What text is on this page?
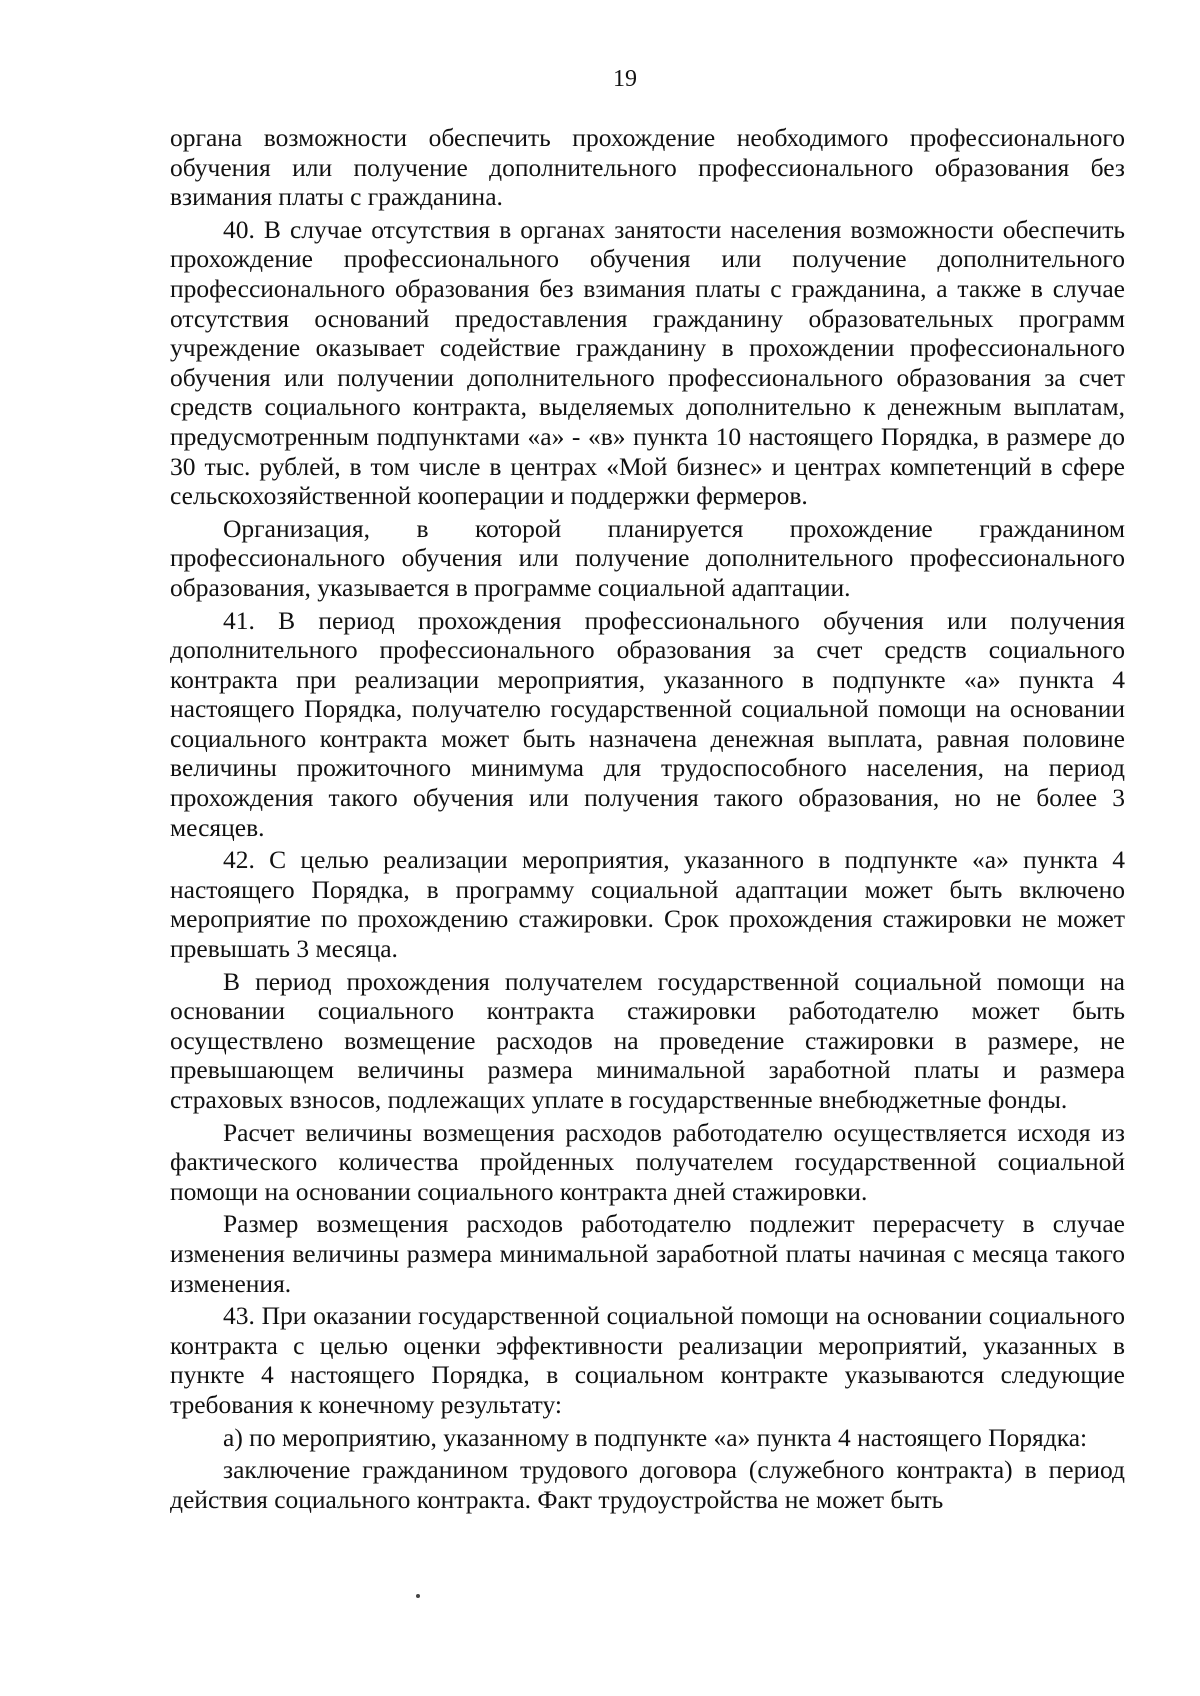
19

органа возможности обеспечить прохождение необходимого профессионального обучения или получение дополнительного профессионального образования без взимания платы с гражданина.

40. В случае отсутствия в органах занятости населения возможности обеспечить прохождение профессионального обучения или получение дополнительного профессионального образования без взимания платы с гражданина, а также в случае отсутствия оснований предоставления гражданину образовательных программ учреждение оказывает содействие гражданину в прохождении профессионального обучения или получении дополнительного профессионального образования за счет средств социального контракта, выделяемых дополнительно к денежным выплатам, предусмотренным подпунктами «а» - «в» пункта 10 настоящего Порядка, в размере до 30 тыс. рублей, в том числе в центрах «Мой бизнес» и центрах компетенций в сфере сельскохозяйственной кооперации и поддержки фермеров.

Организация, в которой планируется прохождение гражданином профессионального обучения или получение дополнительного профессионального образования, указывается в программе социальной адаптации.

41. В период прохождения профессионального обучения или получения дополнительного профессионального образования за счет средств социального контракта при реализации мероприятия, указанного в подпункте «а» пункта 4 настоящего Порядка, получателю государственной социальной помощи на основании социального контракта может быть назначена денежная выплата, равная половине величины прожиточного минимума для трудоспособного населения, на период прохождения такого обучения или получения такого образования, но не более 3 месяцев.

42. С целью реализации мероприятия, указанного в подпункте «а» пункта 4 настоящего Порядка, в программу социальной адаптации может быть включено мероприятие по прохождению стажировки. Срок прохождения стажировки не может превышать 3 месяца.

В период прохождения получателем государственной социальной помощи на основании социального контракта стажировки работодателю может быть осуществлено возмещение расходов на проведение стажировки в размере, не превышающем величины размера минимальной заработной платы и размера страховых взносов, подлежащих уплате в государственные внебюджетные фонды.

Расчет величины возмещения расходов работодателю осуществляется исходя из фактического количества пройденных получателем государственной социальной помощи на основании социального контракта дней стажировки.

Размер возмещения расходов работодателю подлежит перерасчету в случае изменения величины размера минимальной заработной платы начиная с месяца такого изменения.

43. При оказании государственной социальной помощи на основании социального контракта с целью оценки эффективности реализации мероприятий, указанных в пункте 4 настоящего Порядка, в социальном контракте указываются следующие требования к конечному результату:

а) по мероприятию, указанному в подпункте «а» пункта 4 настоящего Порядка:

заключение гражданином трудового договора (служебного контракта) в период действия социального контракта. Факт трудоустройства не может быть
